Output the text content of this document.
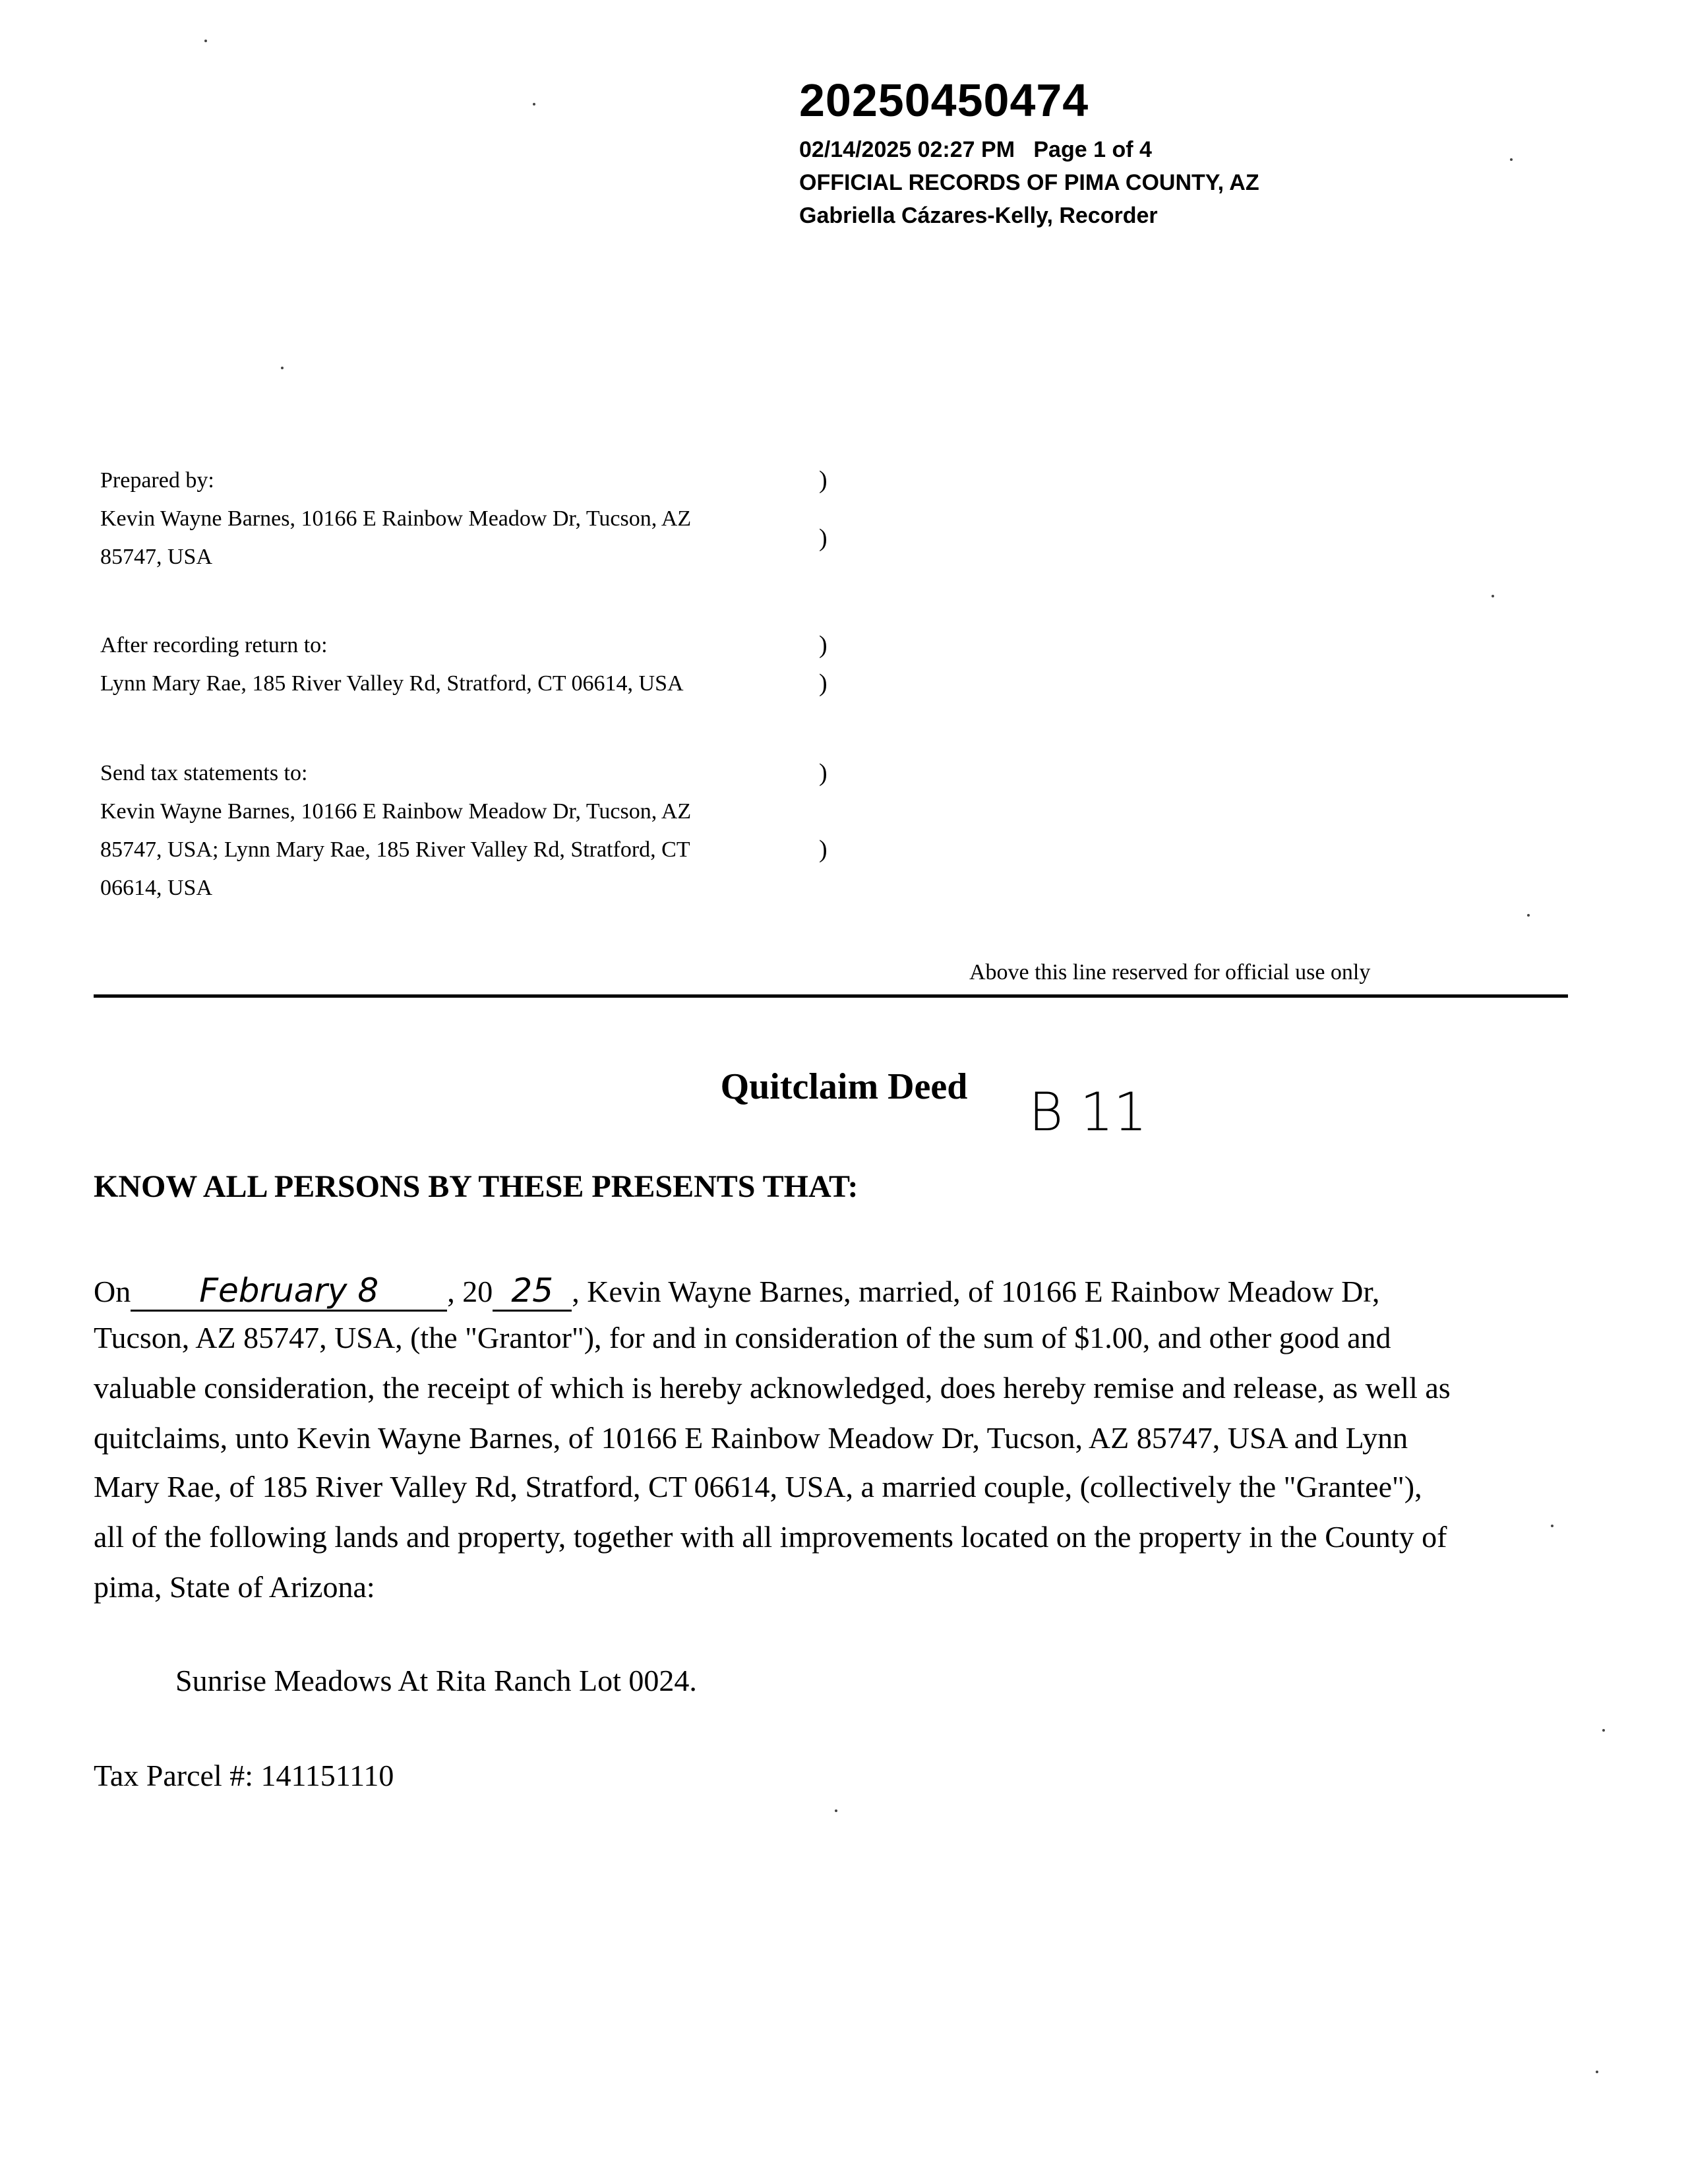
20250450474
02/14/2025 02:27 PM Page 1 of 4
OFFICIAL RECORDS OF PIMA COUNTY, AZ
Gabriella Cázares-Kelly, Recorder
Prepared by:
Kevin Wayne Barnes, 10166 E Rainbow Meadow Dr, Tucson, AZ
85747, USA
)
)
After recording return to:
Lynn Mary Rae, 185 River Valley Rd, Stratford, CT 06614, USA
)
)
Send tax statements to:
Kevin Wayne Barnes, 10166 E Rainbow Meadow Dr, Tucson, AZ
85747, USA; Lynn Mary Rae, 185 River Valley Rd, Stratford, CT
06614, USA
)
)
Above this line reserved for official use only
Quitclaim Deed	B 11
KNOW ALL PERSONS BY THESE PRESENTS THAT:
On February 8 , 20 25 , Kevin Wayne Barnes, married, of 10166 E Rainbow Meadow Dr,
Tucson, AZ 85747, USA, (the "Grantor"), for and in consideration of the sum of $1.00, and other good and
valuable consideration, the receipt of which is hereby acknowledged, does hereby remise and release, as well as
quitclaims, unto Kevin Wayne Barnes, of 10166 E Rainbow Meadow Dr, Tucson, AZ 85747, USA and Lynn
Mary Rae, of 185 River Valley Rd, Stratford, CT 06614, USA, a married couple, (collectively the "Grantee"),
all of the following lands and property, together with all improvements located on the property in the County of
pima, State of Arizona:
Sunrise Meadows At Rita Ranch Lot 0024.
Tax Parcel #: 141151110
